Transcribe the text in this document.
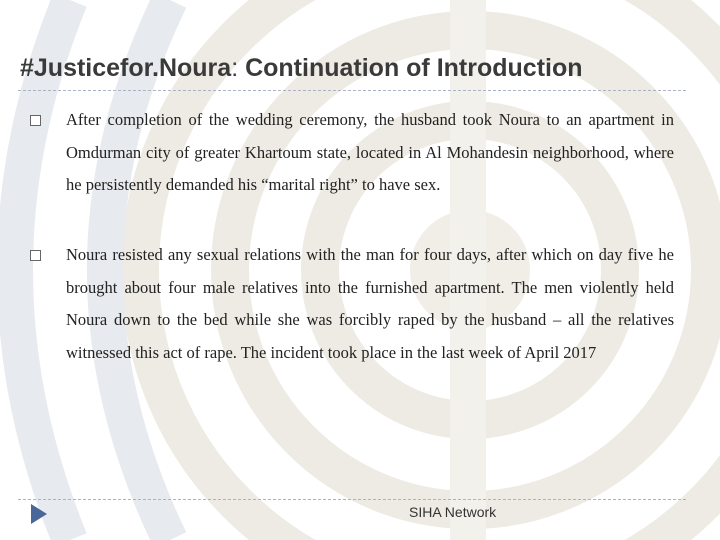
#Justicefor.Noura: Continuation of Introduction

After completion of the wedding ceremony, the husband took Noura to an apartment in Omdurman city of greater Khartoum state, located in Al Mohandesin neighborhood, where he persistently demanded his “marital right” to have sex.

Noura resisted any sexual relations with the man for four days, after which on day five he brought about four male relatives into the furnished apartment. The men violently held Noura down to the bed while she was forcibly raped by the husband – all the relatives witnessed this act of rape. The incident took place in the last week of April 2017

SIHA Network
